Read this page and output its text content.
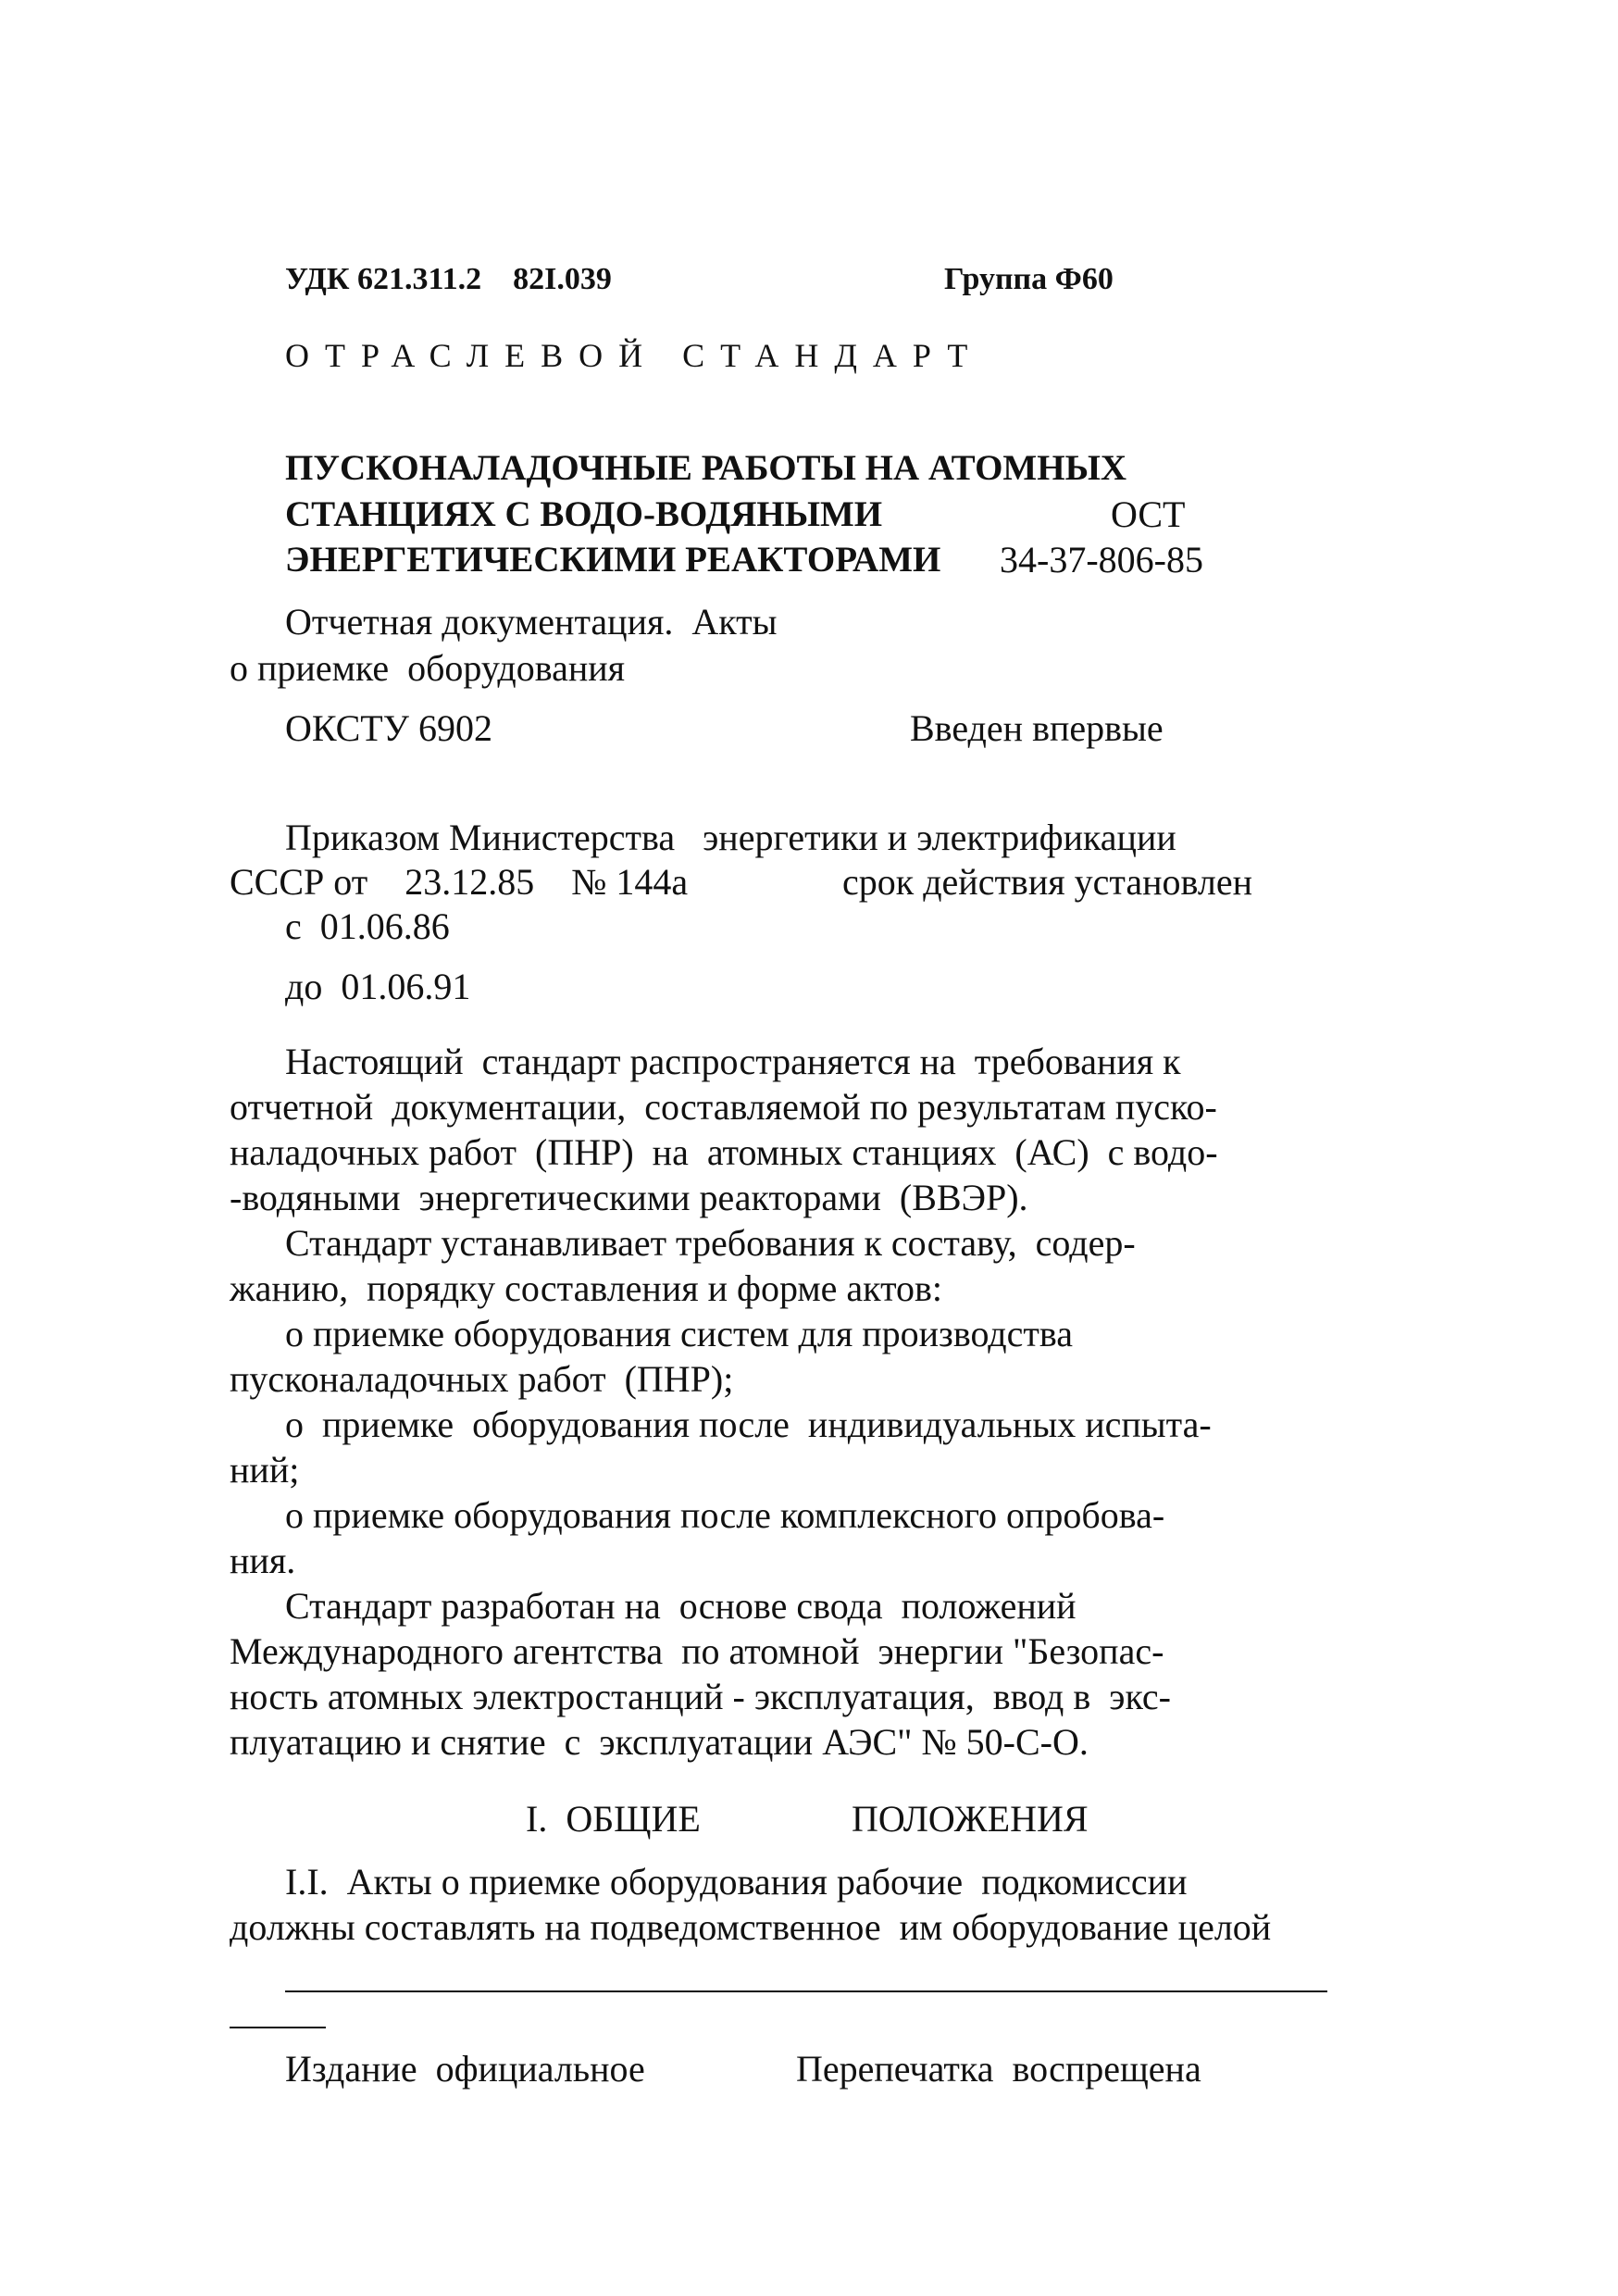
УДК 621.311.2    82I.039	Группа Ф60
ОТРАСЛЕВОЙ СТАНДАРТ
ПУСКОНАЛАДОЧНЫЕ РАБОТЫ НА АТОМНЫХ
СТАНЦИЯХ С ВОДО-ВОДЯНЫМИ	ОСТ
ЭНЕРГЕТИЧЕСКИМИ РЕАКТОРАМИ 34-37-806-85
Отчетная документация.  Акты
о приемке  оборудования
ОКСТУ 6902	Введен впервые
Приказом Министерства   энергетики и электрификации
СССР от    23.12.85    № 144а	срок действия установлен
с  01.06.86
до  01.06.91
Настоящий  стандарт распространяется на  требования к
отчетной  документации,  составляемой по результатам пуско-
наладочных работ  (ПНР)  на  атомных станциях  (АС)  с водо-
-водяными  энергетическими реакторами  (ВВЭР).
Стандарт устанавливает требования к составу,  содер-
жанию,  порядку составления и форме актов:
о приемке оборудования систем для производства
пусконаладочных работ  (ПНР);
о  приемке  оборудования после  индивидуальных испыта-
ний;
о приемке оборудования после комплексного опробова-
ния.
Стандарт разработан на  основе свода  положений
Международного агентства  по атомной  энергии "Безопас-
ность атомных электростанций - эксплуатация,  ввод в  экс-
плуатацию и снятие  с  эксплуатации АЭС" № 50-С-О.
I.  ОБЩИЕ	ПОЛОЖЕНИЯ
I.I.  Акты о приемке оборудования рабочие  подкомиссии
должны составлять на подведомственное  им оборудование целой
Издание  официальное	Перепечатка  воспрещена
